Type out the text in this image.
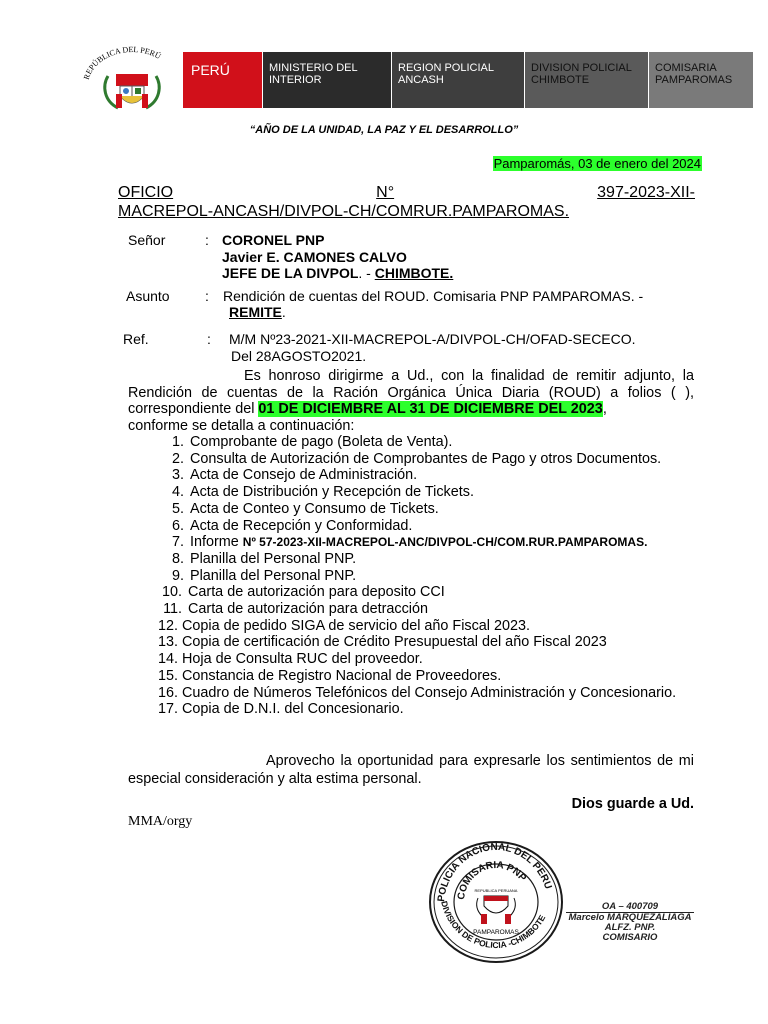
REPÚBLICA DEL PERÚ
PERÚ	MINISTERIO DEL INTERIOR
REGION POLICIAL ANCASH
DIVISION POLICIAL CHIMBOTE
COMISARIA PAMPAROMAS
“AÑO DE LA UNIDAD, LA PAZ Y EL DESARROLLO”
Pamparomás, 03 de enero del 2024
OFICIO	N°	397-2023-XII-
MACREPOL-ANCASH/DIVPOL-CH/COMRUR.PAMPAROMAS.
Señor	: CORONEL PNP
Javier E. CAMONES CALVO
JEFE DE LA DIVPOL. - CHIMBOTE.
Asunto	: Rendición de cuentas del ROUD. Comisaria PNP PAMPAROMAS. -
REMITE.
Ref.	: M/M Nº23-2021-XII-MACREPOL-A/DIVPOL-CH/OFAD-SECECO.
Del 28AGOSTO2021.
Es honroso dirigirme a Ud., con la finalidad de remitir adjunto, la Rendición de cuentas de la Ración Orgánica Única Diaria (ROUD) a folios ( ), correspondiente del 01 DE DICIEMBRE AL 31 DE DICIEMBRE DEL 2023,
conforme se detalla a continuación:
1. Comprobante de pago (Boleta de Venta).
2. Consulta de Autorización de Comprobantes de Pago y otros Documentos.
3. Acta de Consejo de Administración.
4. Acta de Distribución y Recepción de Tickets.
5. Acta de Conteo y Consumo de Tickets.
6. Acta de Recepción y Conformidad.
7. Informe Nº 57-2023-XII-MACREPOL-ANC/DIVPOL-CH/COM.RUR.PAMPAROMAS.
8. Planilla del Personal PNP.
9. Planilla del Personal PNP.
10. Carta de autorización para deposito CCI
11. Carta de autorización para detracción
12. Copia de pedido SIGA de servicio del año Fiscal 2023.
13. Copia de certificación de Crédito Presupuestal del año Fiscal 2023
14. Hoja de Consulta RUC del proveedor.
15. Constancia de Registro Nacional de Proveedores.
16. Cuadro de Números Telefónicos del Consejo Administración y Concesionario.
17. Copia de D.N.I. del Concesionario.
Aprovecho la oportunidad para expresarle los sentimientos de mi especial consideración y alta estima personal.
Dios guarde a Ud.
MMA/orgy
POLICIA NACIONAL DEL PERU
DIVISION DE POLICIA -CHIMBOTE
COMISARIA PNP
REPUBLICA PERUANA
PAMPAROMAS
OA – 400709
Marcelo MARQUEZALIAGA
ALFZ. PNP.
COMISARIO
